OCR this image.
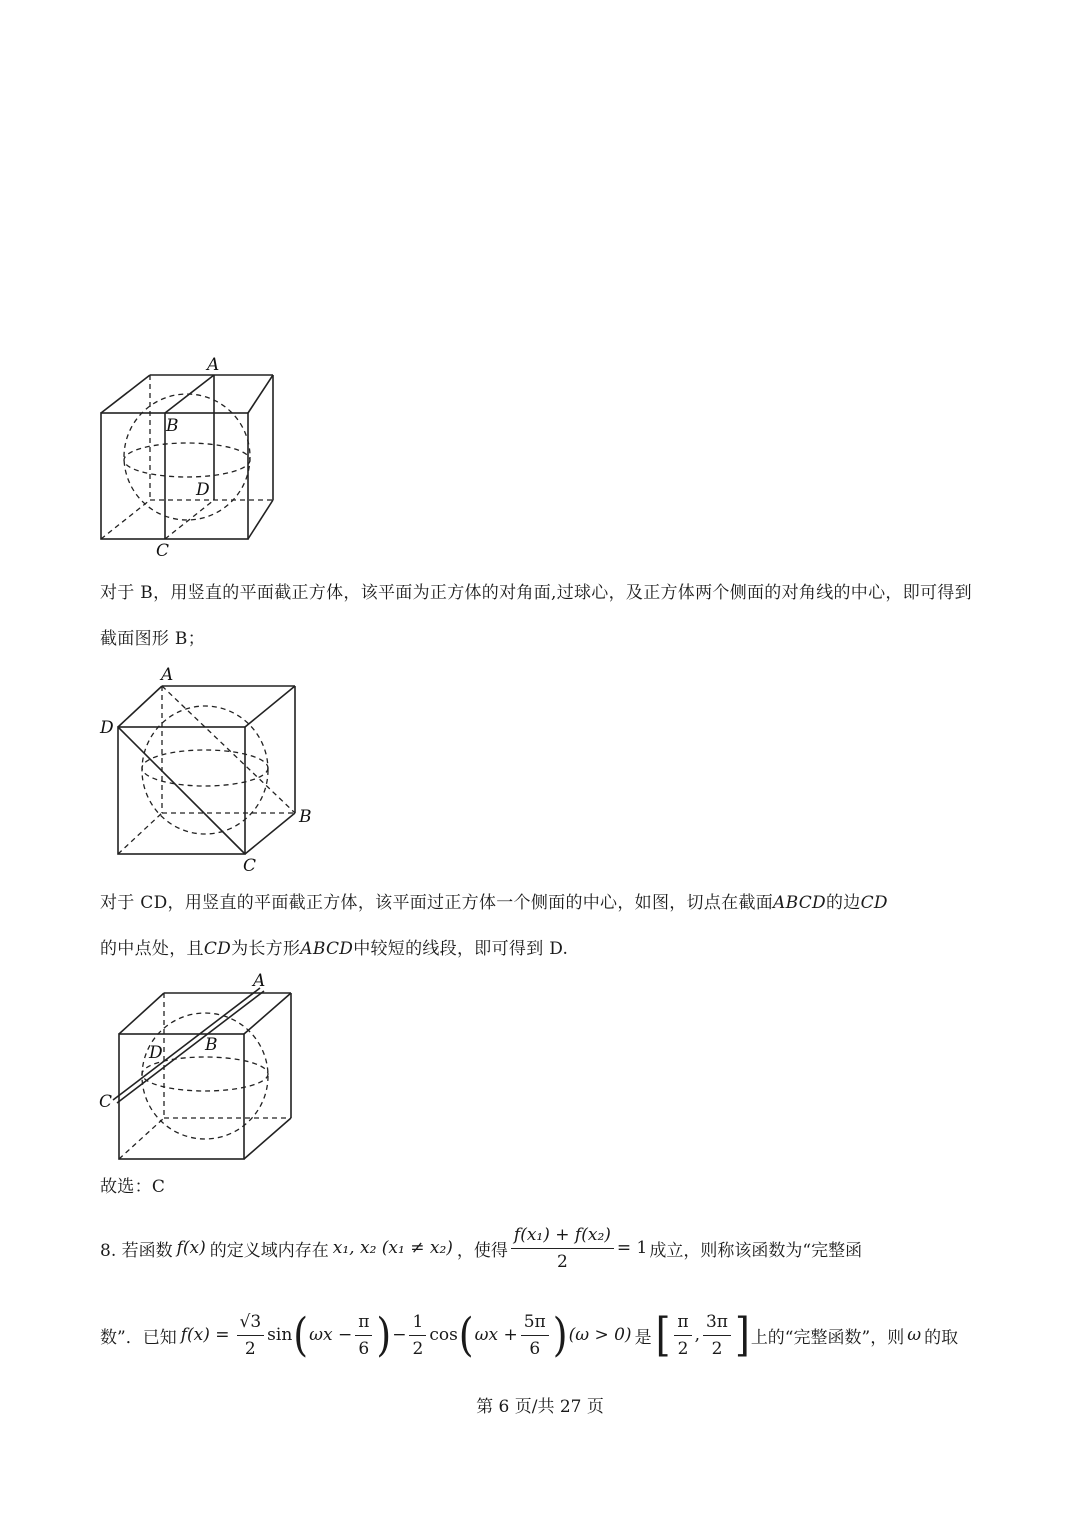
A
B
D
C

对于 B，用竖直的平面截正方体，该平面为正方体的对角面,过球心，及正方体两个侧面的对角线的中心，即可得到截面图形 B；

A
D
B
C

对于 CD，用竖直的平面截正方体，该平面过正方体一个侧面的中心，如图，切点在截面ABCD的边CD
的中点处，且CD为长方形ABCD中较短的线段，即可得到 D.

A
D B
C
故选：C
8. 若函数 f(x) 的定义域内存在 x₁, x₂ (x₁ ≠ x₂) ，使得 $\frac{\text{f(x₁) + f(x₂)}}{2} = 1$ 成立，则称该函数为“完整函
数”．已知 $f(x) = \frac{√3}{2}$ sin ( $\omega x - \frac{\pi}{6}$ ) − $\frac{1}{2}$ cos ( $\omega x + \frac{5\pi}{6}$ ) (ω > 0) 是 [ $\frac{\pi}{2}$ , $\frac{3\pi}{2}$ ] 上的“完整函数”，则 ω 的取
第 6 页/共 27 页
